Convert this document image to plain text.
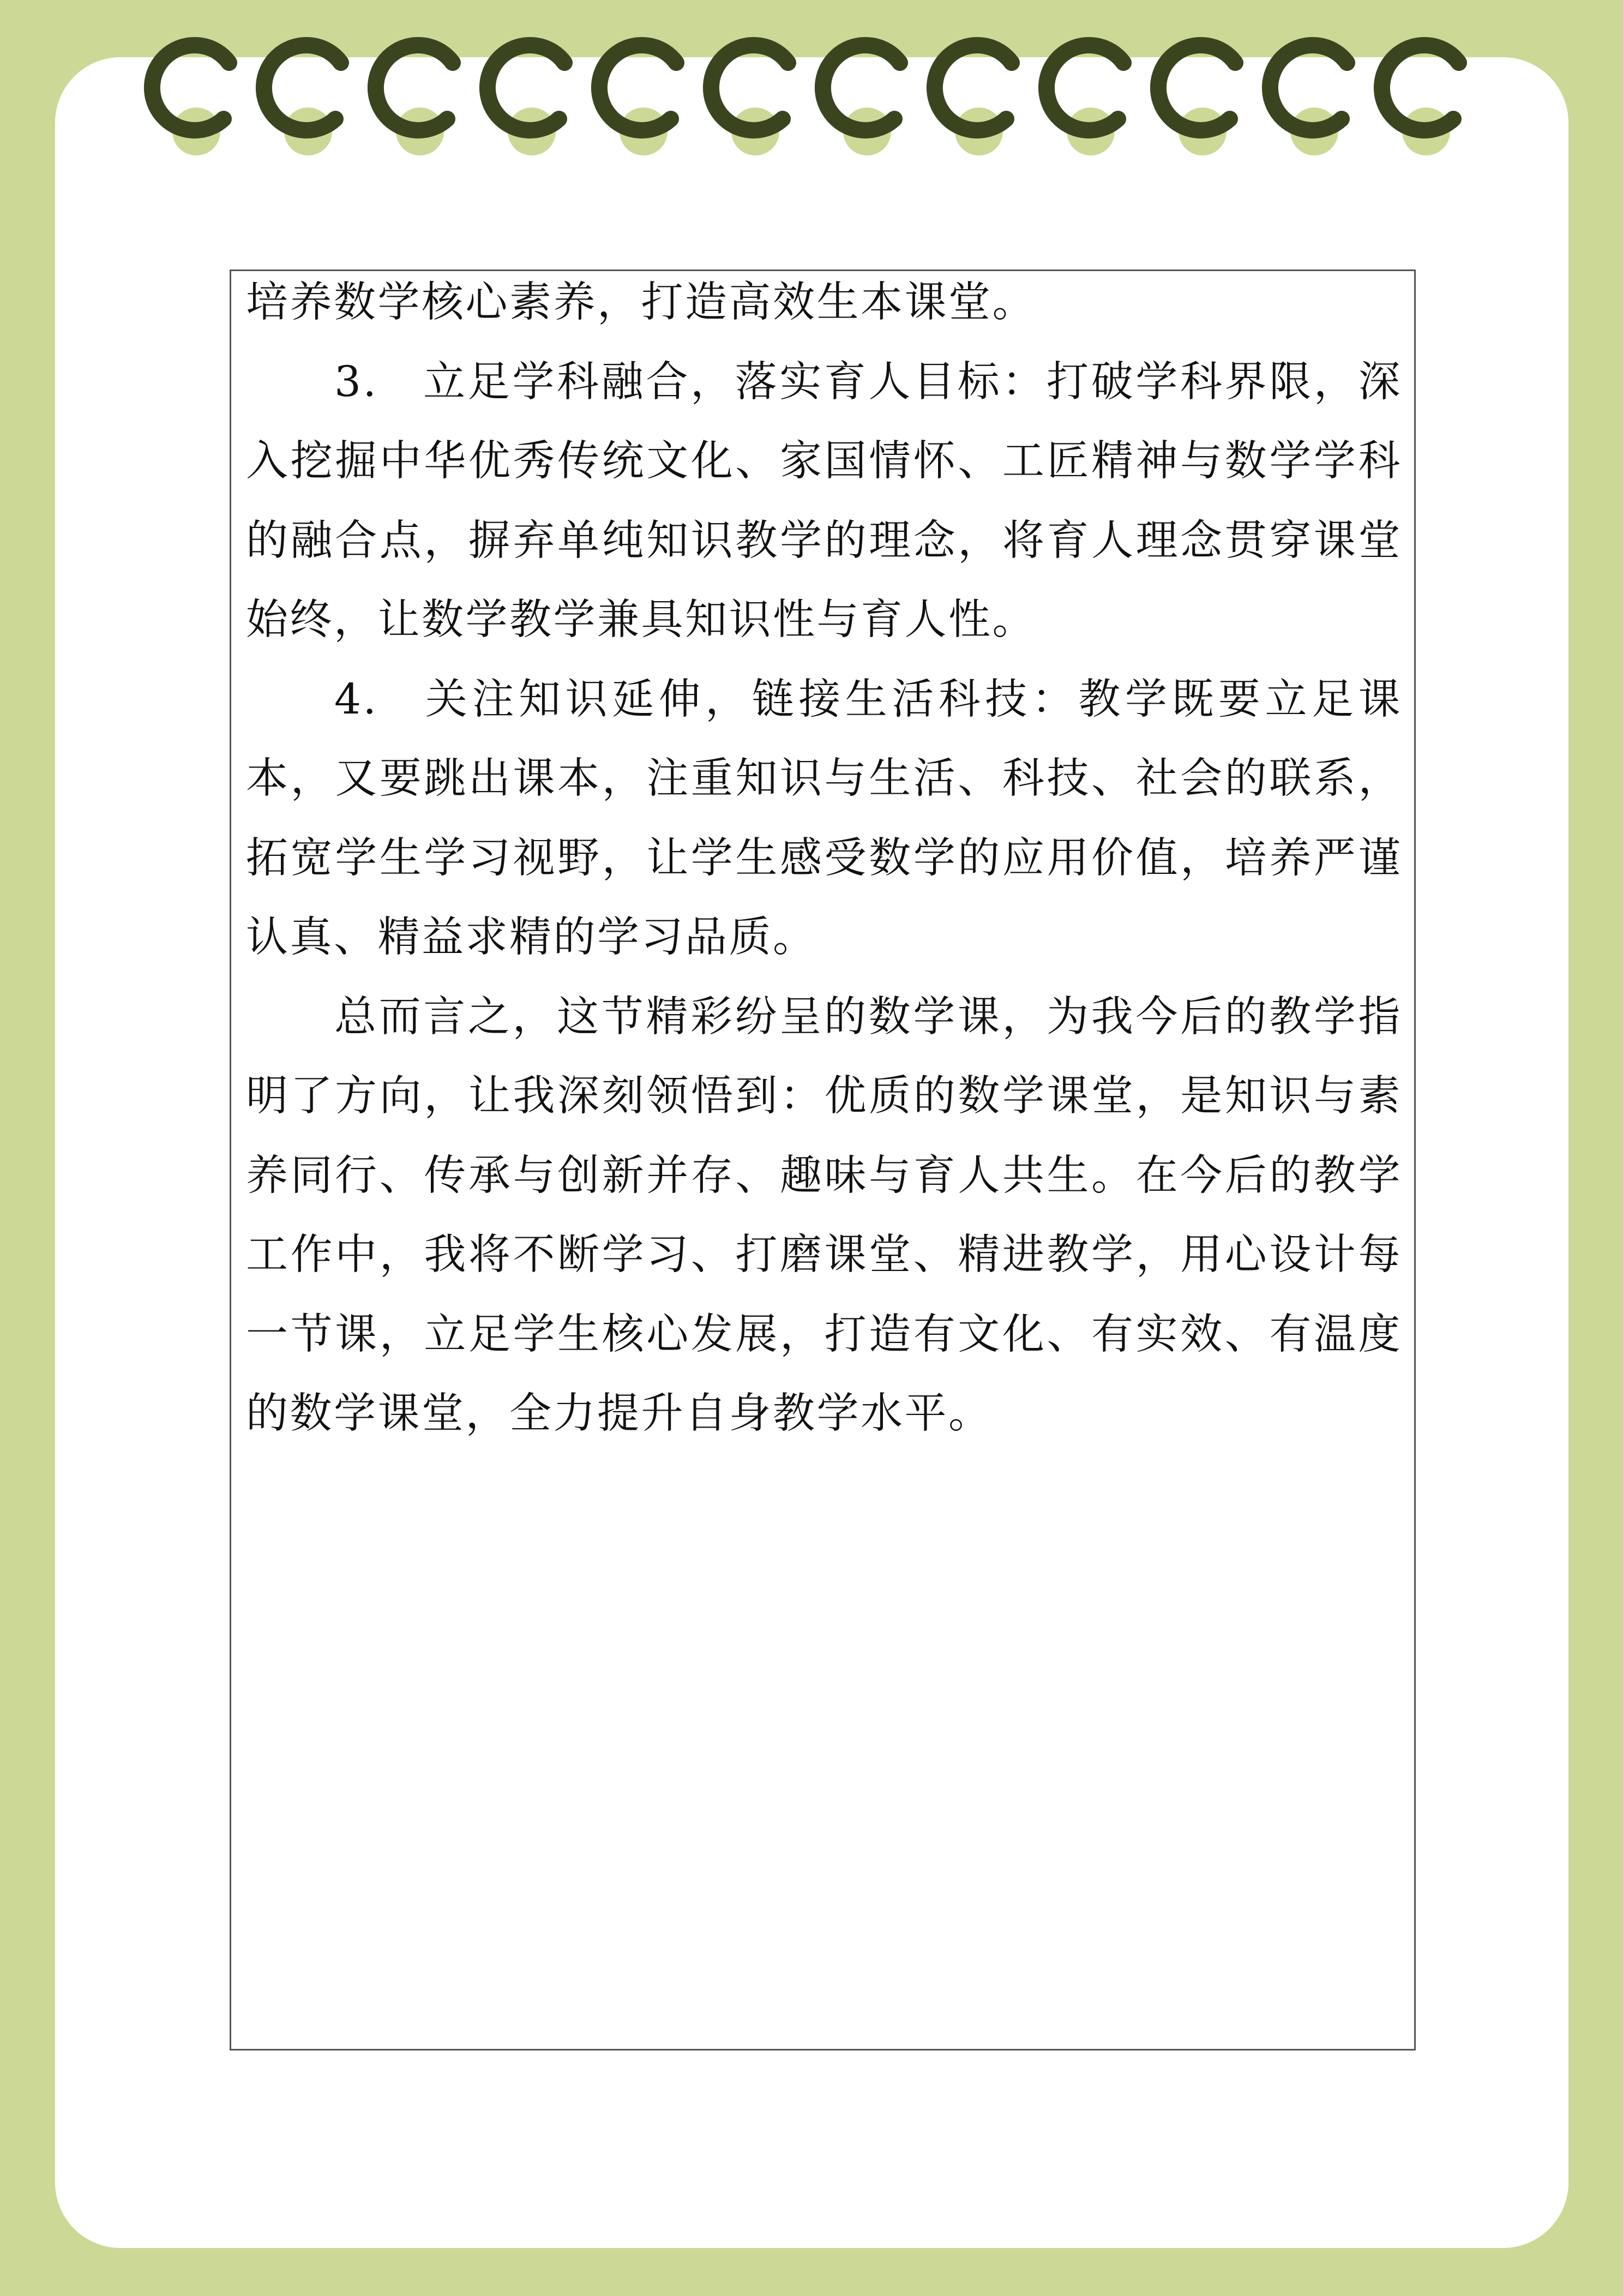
培养数学核心素养，打造高效生本课堂。

3. 立足学科融合，落实育人目标：打破学科界限，深入挖掘中华优秀传统文化、家国情怀、工匠精神与数学学科的融合点，摒弃单纯知识教学的理念，将育人理念贯穿课堂始终，让数学教学兼具知识性与育人性。

4. 关注知识延伸，链接生活科技：教学既要立足课本，又要跳出课本，注重知识与生活、科技、社会的联系，拓宽学生学习视野，让学生感受数学的应用价值，培养严谨认真、精益求精的学习品质。

总而言之，这节精彩纷呈的数学课，为我今后的教学指明了方向，让我深刻领悟到：优质的数学课堂，是知识与素养同行、传承与创新并存、趣味与育人共生。在今后的教学工作中，我将不断学习、打磨课堂、精进教学，用心设计每一节课，立足学生核心发展，打造有文化、有实效、有温度的数学课堂，全力提升自身教学水平。
